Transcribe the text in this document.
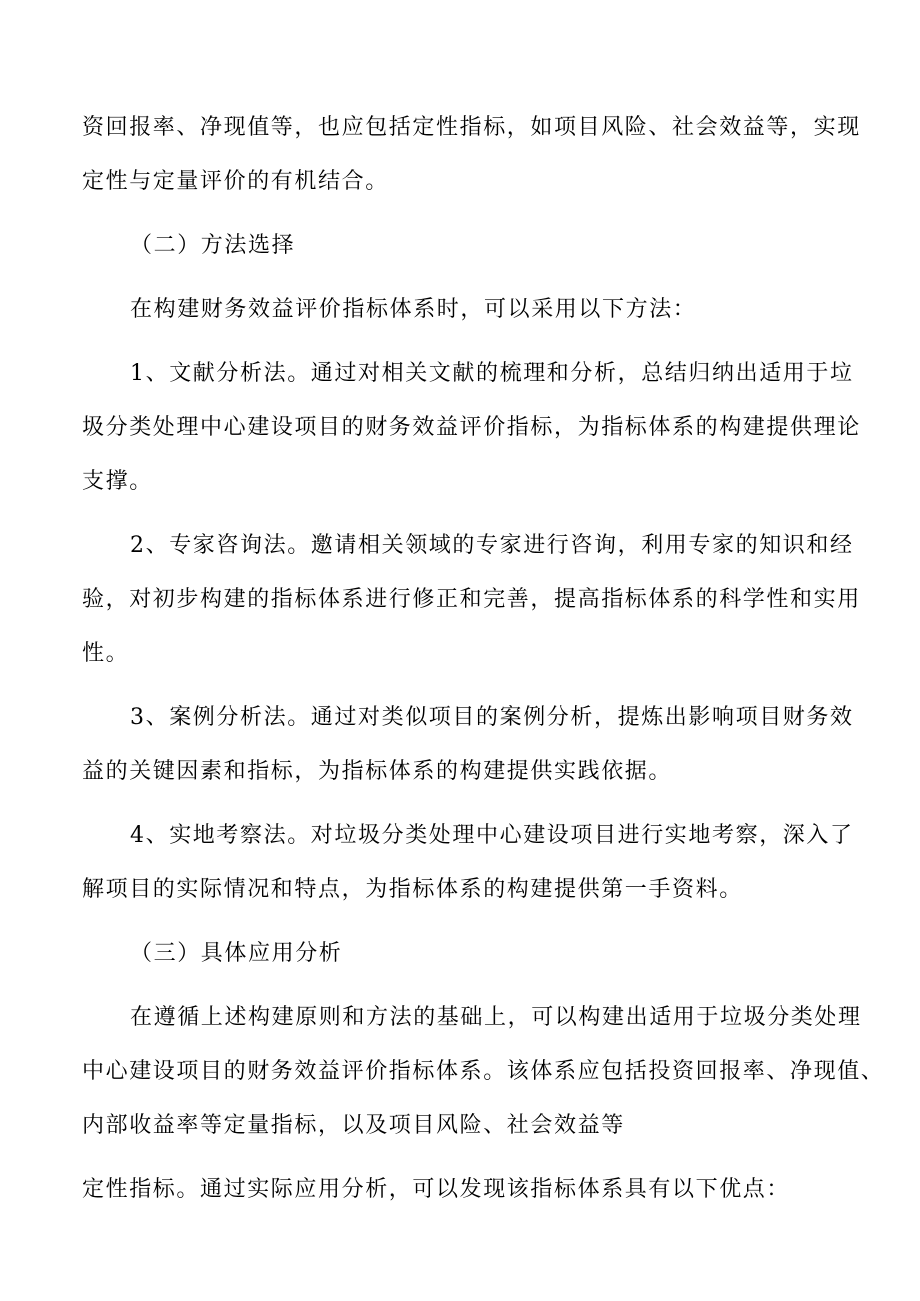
资回报率、净现值等，也应包括定性指标，如项目风险、社会效益等，实现
定性与定量评价的有机结合。
（二）方法选择
在构建财务效益评价指标体系时，可以采用以下方法：
1、文献分析法。通过对相关文献的梳理和分析，总结归纳出适用于垃
圾分类处理中心建设项目的财务效益评价指标，为指标体系的构建提供理论
支撑。
2、专家咨询法。邀请相关领域的专家进行咨询，利用专家的知识和经
验，对初步构建的指标体系进行修正和完善，提高指标体系的科学性和实用
性。
3、案例分析法。通过对类似项目的案例分析，提炼出影响项目财务效
益的关键因素和指标，为指标体系的构建提供实践依据。
4、实地考察法。对垃圾分类处理中心建设项目进行实地考察，深入了
解项目的实际情况和特点，为指标体系的构建提供第一手资料。
（三）具体应用分析
在遵循上述构建原则和方法的基础上，可以构建出适用于垃圾分类处理
中心建设项目的财务效益评价指标体系。该体系应包括投资回报率、净现值、
内部收益率等定量指标，以及项目风险、社会效益等
定性指标。通过实际应用分析，可以发现该指标体系具有以下优点：
